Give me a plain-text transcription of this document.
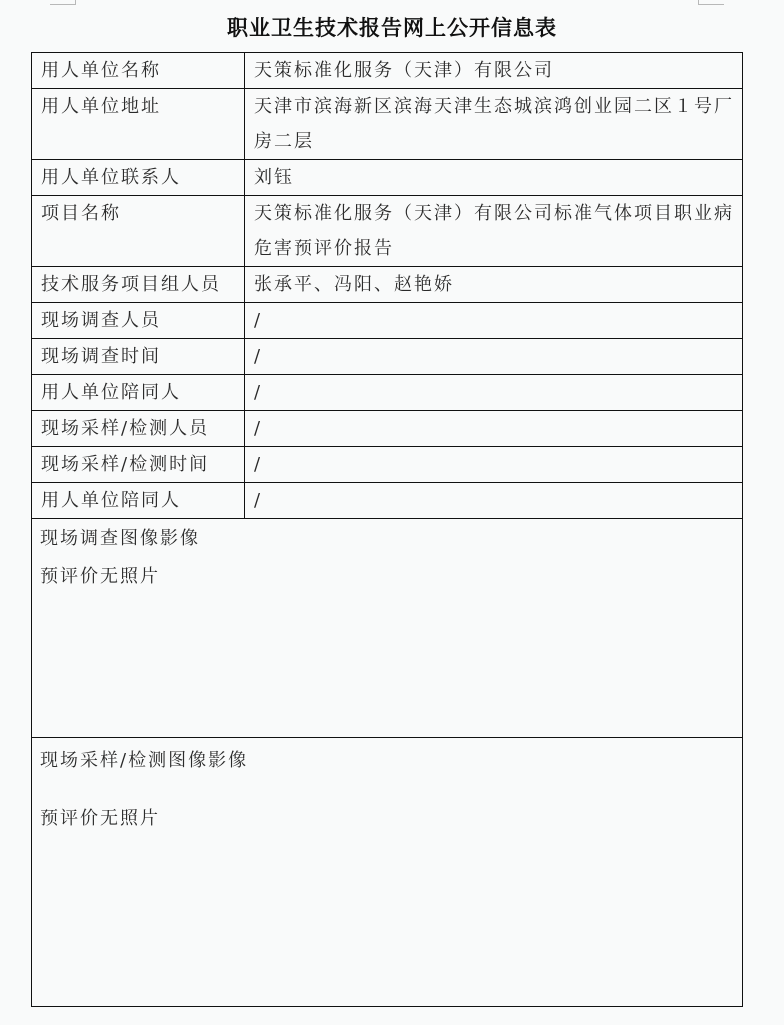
职业卫生技术报告网上公开信息表
用人单位名称	天策标准化服务（天津）有限公司
用人单位地址	天津市滨海新区滨海天津生态城滨鸿创业园二区１号厂房二层
用人单位联系人	刘钰
项目名称	天策标准化服务（天津）有限公司标准气体项目职业病危害预评价报告
技术服务项目组人员	张承平、冯阳、赵艳娇
现场调查人员	/
现场调查时间	/
用人单位陪同人	/
现场采样/检测人员	/
现场采样/检测时间	/
用人单位陪同人	/

现场调查图像影像
预评价无照片	

现场采样/检测图像影像
预评价无照片	
